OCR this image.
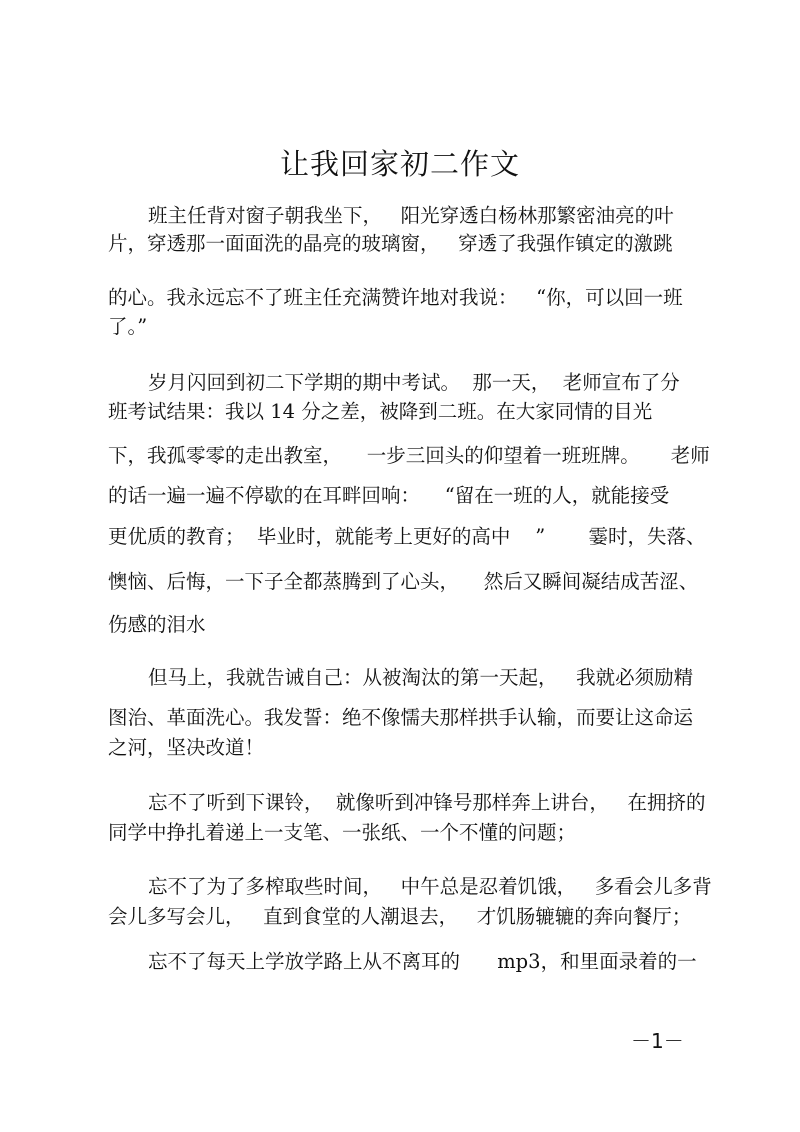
让我回家初二作文

班主任背对窗子朝我坐下，   阳光穿透白杨林那繁密油亮的叶

片，穿透那一面面洗的晶亮的玻璃窗，   穿透了我强作镇定的激跳

的心。我永远忘不了班主任充满赞许地对我说：   “你，可以回一班

了。”

岁月闪回到初二下学期的期中考试。  那一天，  老师宣布了分

班考试结果：我以 14 分之差，被降到二班。在大家同情的目光

下，我孤零零的走出教室，    一步三回头的仰望着一班班牌。     老师

的话一遍一遍不停歇的在耳畔回响：    “留在一班的人，就能接受

更优质的教育；  毕业时，就能考上更好的高中    ”       霎时，失落、

懊恼、后悔，一下子全都蒸腾到了心头，    然后又瞬间凝结成苦涩、

伤感的泪水

但马上，我就告诫自己：从被淘汰的第一天起，   我就必须励精

图治、革面洗心。我发誓：绝不像懦夫那样拱手认输，而要让这命运

之河，坚决改道！

忘不了听到下课铃，  就像听到冲锋号那样奔上讲台，   在拥挤的

同学中挣扎着递上一支笔、一张纸、一个不懂的问题；

忘不了为了多榨取些时间，   中午总是忍着饥饿，   多看会儿多背

会儿多写会儿，   直到食堂的人潮退去，   才饥肠辘辘的奔向餐厅；

忘不了每天上学放学路上从不离耳的      mp3，和里面录着的一

－1－
